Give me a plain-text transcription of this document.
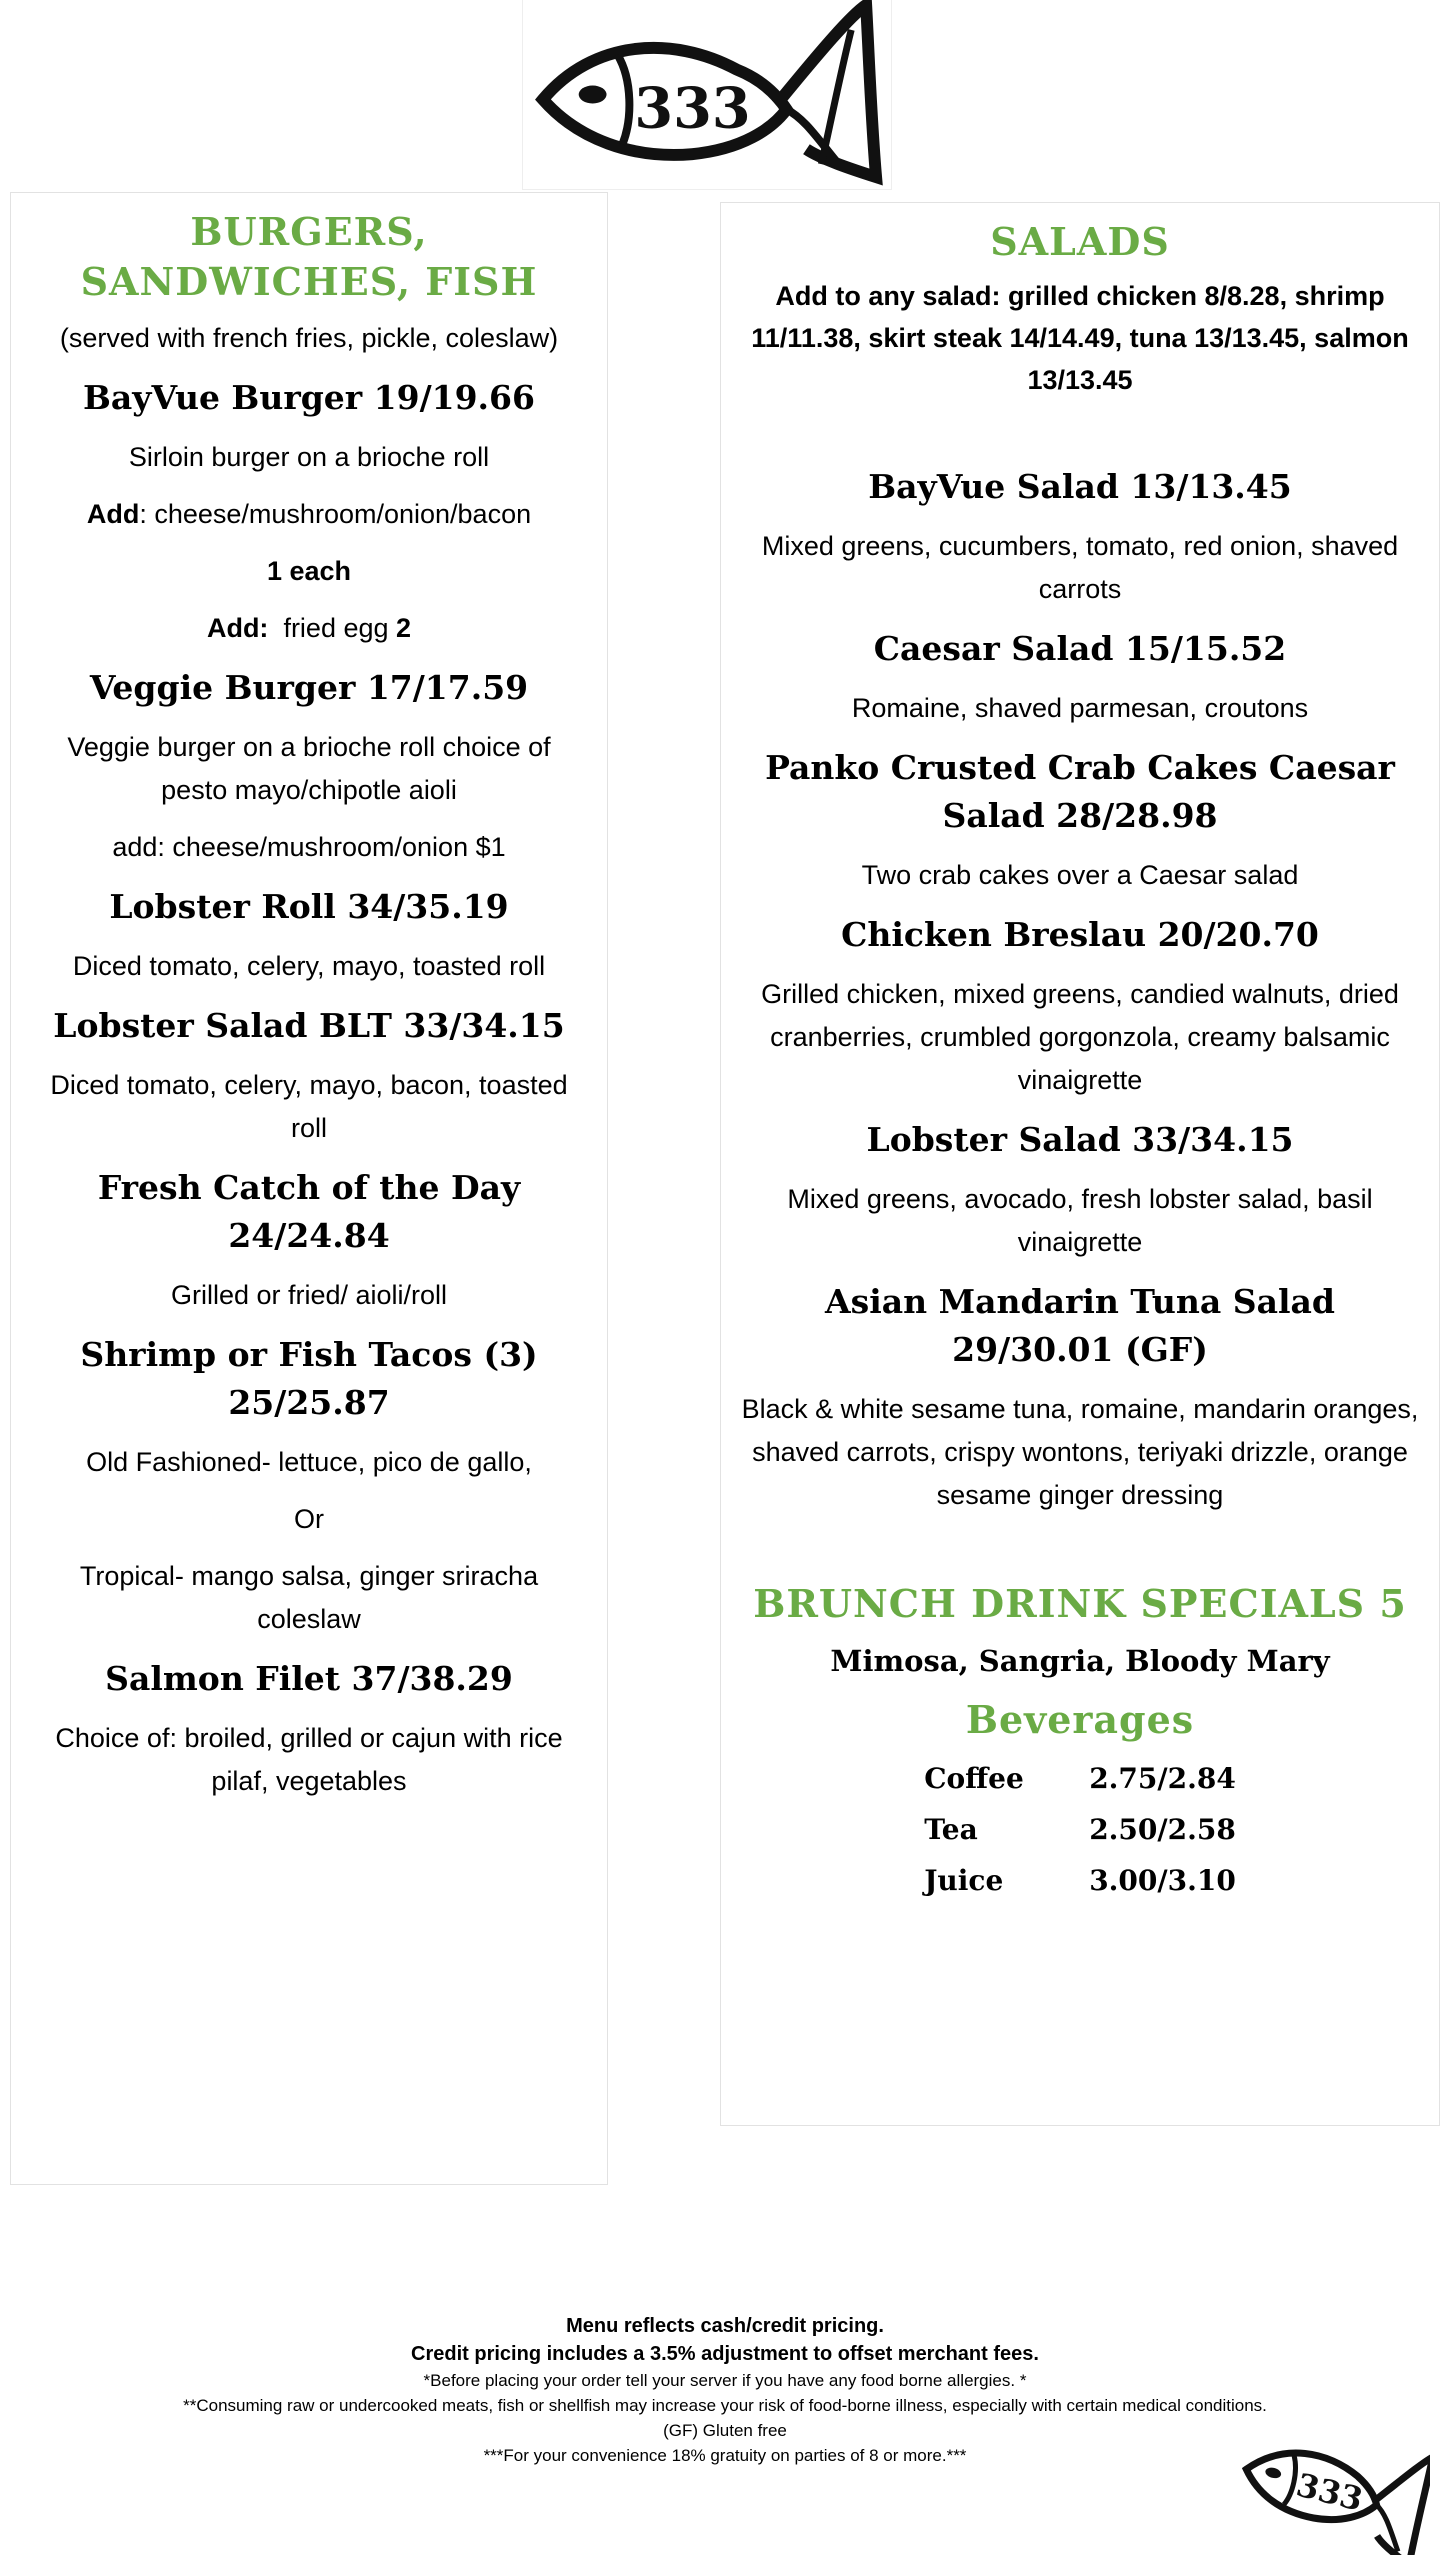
333
BURGERS, SANDWICHES, FISH
(served with french fries, pickle, coleslaw)
BayVue Burger 19/19.66
Sirloin burger on a brioche roll
Add: cheese/mushroom/onion/bacon
1 each
Add:  fried egg 2
Veggie Burger 17/17.59
Veggie burger on a brioche roll choice of pesto mayo/chipotle aioli
add: cheese/mushroom/onion $1
Lobster Roll 34/35.19
Diced tomato, celery, mayo, toasted roll
Lobster Salad BLT 33/34.15
Diced tomato, celery, mayo, bacon, toasted roll
Fresh Catch of the Day 24/24.84
Grilled or fried/ aioli/roll
Shrimp or Fish Tacos (3) 25/25.87
Old Fashioned- lettuce, pico de gallo,
Or
Tropical- mango salsa, ginger sriracha coleslaw
Salmon Filet 37/38.29
Choice of: broiled, grilled or cajun with rice pilaf, vegetables
SALADS
Add to any salad: grilled chicken 8/8.28, shrimp 11/11.38, skirt steak 14/14.49, tuna 13/13.45, salmon 13/13.45
BayVue Salad 13/13.45
Mixed greens, cucumbers, tomato, red onion, shaved carrots
Caesar Salad 15/15.52
Romaine, shaved parmesan, croutons
Panko Crusted Crab Cakes Caesar Salad 28/28.98
Two crab cakes over a Caesar salad
Chicken Breslau 20/20.70
Grilled chicken, mixed greens, candied walnuts, dried cranberries, crumbled gorgonzola, creamy balsamic vinaigrette
Lobster Salad 33/34.15
Mixed greens, avocado, fresh lobster salad, basil vinaigrette
Asian Mandarin Tuna Salad 29/30.01 (GF)
Black & white sesame tuna, romaine, mandarin oranges, shaved carrots, crispy wontons, teriyaki drizzle, orange sesame ginger dressing
BRUNCH DRINK SPECIALS 5
Mimosa, Sangria, Bloody Mary
Beverages
Coffee	2.75/2.84
Tea	2.50/2.58
Juice	3.00/3.10
Menu reflects cash/credit pricing.
Credit pricing includes a 3.5% adjustment to offset merchant fees.
*Before placing your order tell your server if you have any food borne allergies. *
**Consuming raw or undercooked meats, fish or shellfish may increase your risk of food-borne illness, especially with certain medical conditions.
(GF) Gluten free
***For your convenience 18% gratuity on parties of 8 or more.***
333
